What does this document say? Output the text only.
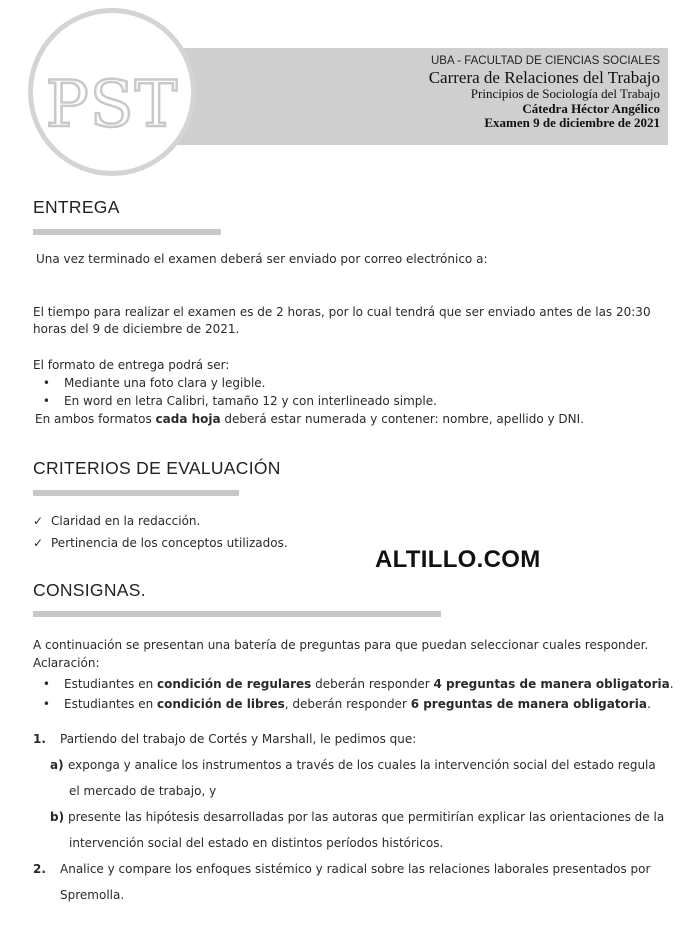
PST
UBA - FACULTAD DE CIENCIAS SOCIALES
Carrera de Relaciones del Trabajo
Principios de Sociología del Trabajo
Cátedra Héctor Angélico
Examen 9 de diciembre de 2021
ENTREGA
Una vez terminado el examen deberá ser enviado por correo electrónico a:
El tiempo para realizar el examen es de 2 horas, por lo cual tendrá que ser enviado antes de las 20:30
horas del 9 de diciembre de 2021.
El formato de entrega podrá ser:
• Mediante una foto clara y legible.
• En word en letra Calibri, tamaño 12 y con interlineado simple.
En ambos formatos cada hoja deberá estar numerada y contener: nombre, apellido y DNI.
CRITERIOS DE EVALUACIÓN
✓ Claridad en la redacción.
✓ Pertinencia de los conceptos utilizados.
ALTILLO.COM
CONSIGNAS.
A continuación se presentan una batería de preguntas para que puedan seleccionar cuales responder.
Aclaración:
• Estudiantes en condición de regulares deberán responder 4 preguntas de manera obligatoria.
• Estudiantes en condición de libres, deberán responder 6 preguntas de manera obligatoria.
1. Partiendo del trabajo de Cortés y Marshall, le pedimos que:
a) exponga y analice los instrumentos a través de los cuales la intervención social del estado regula
el mercado de trabajo, y
b) presente las hipótesis desarrolladas por las autoras que permitirían explicar las orientaciones de la
intervención social del estado en distintos períodos históricos.
2. Analice y compare los enfoques sistémico y radical sobre las relaciones laborales presentados por
Spremolla.
